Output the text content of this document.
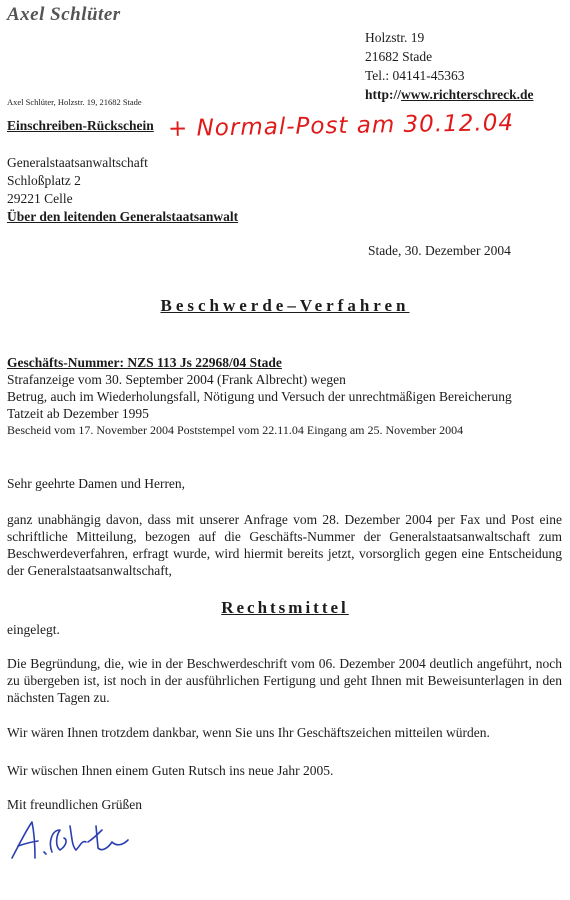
Axel Schlüter
Holzstr. 19
21682 Stade
Tel.: 04141-45363
http://www.richterschreck.de
Axel Schlüter, Holzstr. 19, 21682 Stade
Einschreiben-Rückschein + Normal-Post am 30.12.04
Generalstaatsanwaltschaft
Schloßplatz 2
29221 Celle
Über den leitenden Generalstaatsanwalt
Stade, 30. Dezember 2004
Beschwerde–Verfahren
Geschäfts-Nummer: NZS 113 Js 22968/04 Stade
Strafanzeige vom 30. September 2004 (Frank Albrecht) wegen
Betrug, auch im Wiederholungsfall, Nötigung und Versuch der unrechtmäßigen Bereicherung
Tatzeit ab Dezember 1995
Bescheid vom 17. November 2004 Poststempel vom 22.11.04 Eingang am 25. November 2004
Sehr geehrte Damen und Herren,
ganz unabhängig davon, dass mit unserer Anfrage vom 28. Dezember 2004 per Fax und Post eine schriftliche Mitteilung, bezogen auf die Geschäfts-Nummer der Generalstaatsanwaltschaft zum Beschwerdeverfahren, erfragt wurde, wird hiermit bereits jetzt, vorsorglich gegen eine Entscheidung der Generalstaatsanwaltschaft,
Rechtsmittel
eingelegt.
Die Begründung, die, wie in der Beschwerdeschrift vom 06. Dezember 2004 deutlich angeführt, noch zu übergeben ist, ist noch in der ausführlichen Fertigung und geht Ihnen mit Beweisunterlagen in den nächsten Tagen zu.
Wir wären Ihnen trotzdem dankbar, wenn Sie uns Ihr Geschäftszeichen mitteilen würden.
Wir wüschen Ihnen einem Guten Rutsch ins neue Jahr 2005.
Mit freundlichen Grüßen
